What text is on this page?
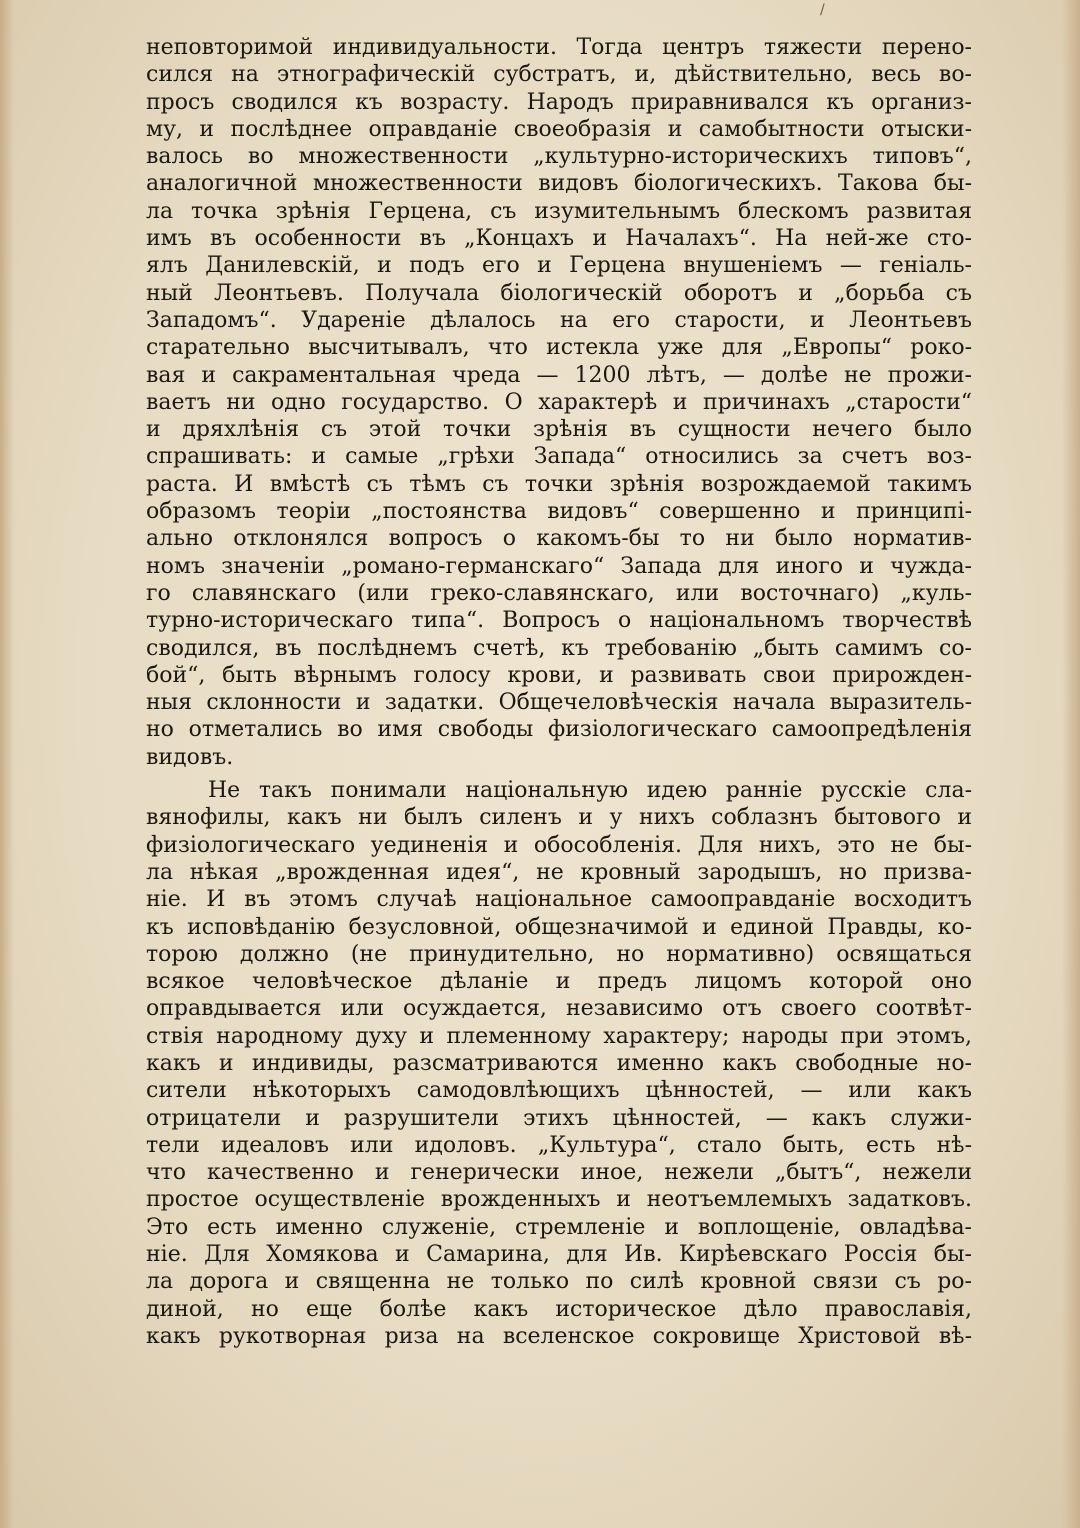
/
неповторимой индивидуальности. Тогда центръ тяжести перено-
сился на этнографическій субстратъ, и, дѣйствительно, весь во-
просъ сводился къ возрасту. Народъ приравнивался къ организ-
му, и послѣднее оправданіе своеобразія и самобытности отыски-
валось во множественности „культурно-историческихъ типовъ“,
аналогичной множественности видовъ біологическихъ. Такова бы-
ла точка зрѣнія Герцена, съ изумительнымъ блескомъ развитая
имъ въ особенности въ „Концахъ и Началахъ“. На ней-же сто-
ялъ Данилевскій, и подъ его и Герцена внушеніемъ — геніаль-
ный Леонтьевъ. Получала біологическій оборотъ и „борьба съ
Западомъ“. Удареніе дѣлалось на его старости, и Леонтьевъ
старательно высчитывалъ, что истекла уже для „Европы“ роко-
вая и сакраментальная чреда — 1200 лѣтъ, — долѣе не прожи-
ваетъ ни одно государство. О характерѣ и причинахъ „старости“
и дряхлѣнія съ этой точки зрѣнія въ сущности нечего было
спрашивать: и самые „грѣхи Запада“ относились за счетъ воз-
раста. И вмѣстѣ съ тѣмъ съ точки зрѣнія возрождаемой такимъ
образомъ теоріи „постоянства видовъ“ совершенно и принципі-
ально отклонялся вопросъ о какомъ-бы то ни было норматив-
номъ значеніи „романо-германскаго“ Запада для иного и чужда-
го славянскаго (или греко-славянскаго, или восточнаго) „куль-
турно-историческаго типа“. Вопросъ о національномъ творчествѣ
сводился, въ послѣднемъ счетѣ, къ требованію „быть самимъ со-
бой“, быть вѣрнымъ голосу крови, и развивать свои прирожден-
ныя склонности и задатки. Общечеловѣческія начала выразитель-
но отметались во имя свободы физіологическаго самоопредѣленія
видовъ.
Не такъ понимали національную идею ранніе русскіе сла-
вянофилы, какъ ни былъ силенъ и у нихъ соблазнъ бытового и
физіологическаго уединенія и обособленія. Для нихъ, это не бы-
ла нѣкая „врожденная идея“, не кровный зародышъ, но призва-
ніе. И въ этомъ случаѣ національное самооправданіе восходитъ
къ исповѣданію безусловной, общезначимой и единой Правды, ко-
торою должно (не принудительно, но нормативно) освящаться
всякое человѣческое дѣланіе и предъ лицомъ которой оно
оправдывается или осуждается, независимо отъ своего соотвѣт-
ствія народному духу и племенному характеру; народы при этомъ,
какъ и индивиды, разсматриваются именно какъ свободные но-
сители нѣкоторыхъ самодовлѣющихъ цѣнностей, — или какъ
отрицатели и разрушители этихъ цѣнностей, — какъ служи-
тели идеаловъ или идоловъ. „Культура“, стало быть, есть нѣ-
что качественно и генерически иное, нежели „бытъ“, нежели
простое осуществленіе врожденныхъ и неотъемлемыхъ задатковъ.
Это есть именно служеніе, стремленіе и воплощеніе, овладѣва-
ніе. Для Хомякова и Самарина, для Ив. Кирѣевскаго Россія бы-
ла дорога и священна не только по силѣ кровной связи съ ро-
диной, но еще болѣе какъ историческое дѣло православія,
какъ рукотворная риза на вселенское сокровище Христовой вѣ-
